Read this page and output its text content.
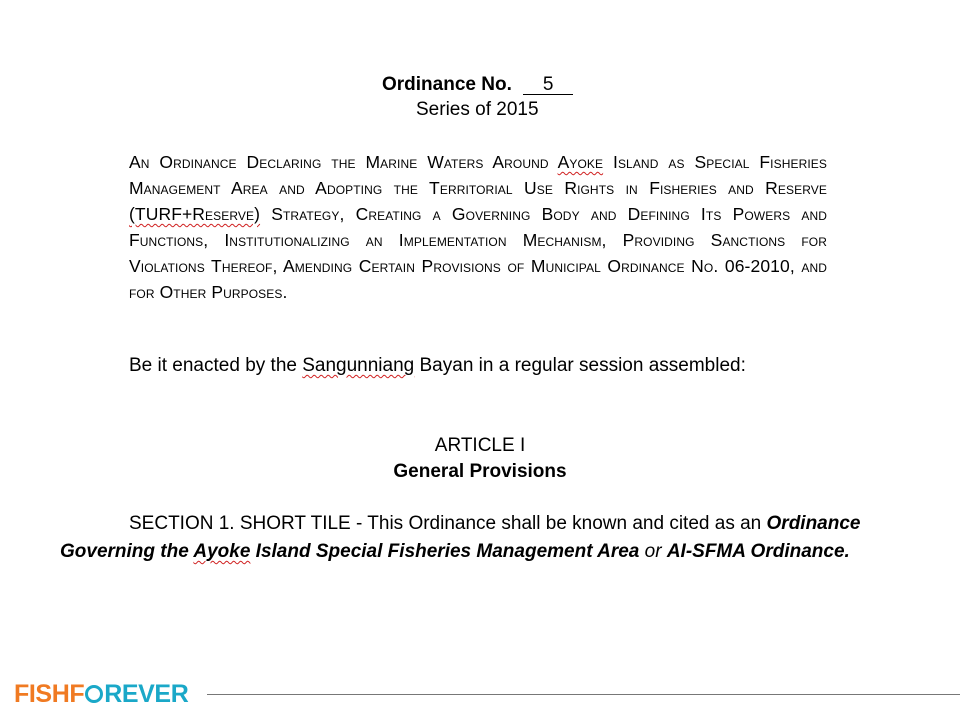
Ordinance No. 5
Series of 2015
An Ordinance Declaring the Marine Waters Around Ayoke Island as Special Fisheries Management Area and Adopting the Territorial Use Rights in Fisheries and Reserve (TURF+Reserve) Strategy, Creating a Governing Body and Defining Its Powers and Functions, Institutionalizing an Implementation Mechanism, Providing Sanctions for Violations Thereof, Amending Certain Provisions of Municipal Ordinance No. 06-2010, and for Other Purposes.
Be it enacted by the Sangunniang Bayan in a regular session assembled:
ARTICLE I
General Provisions
SECTION 1. SHORT TILE - This Ordinance shall be known and cited as an Ordinance Governing the Ayoke Island Special Fisheries Management Area or AI-SFMA Ordinance.
FISHF REVER
